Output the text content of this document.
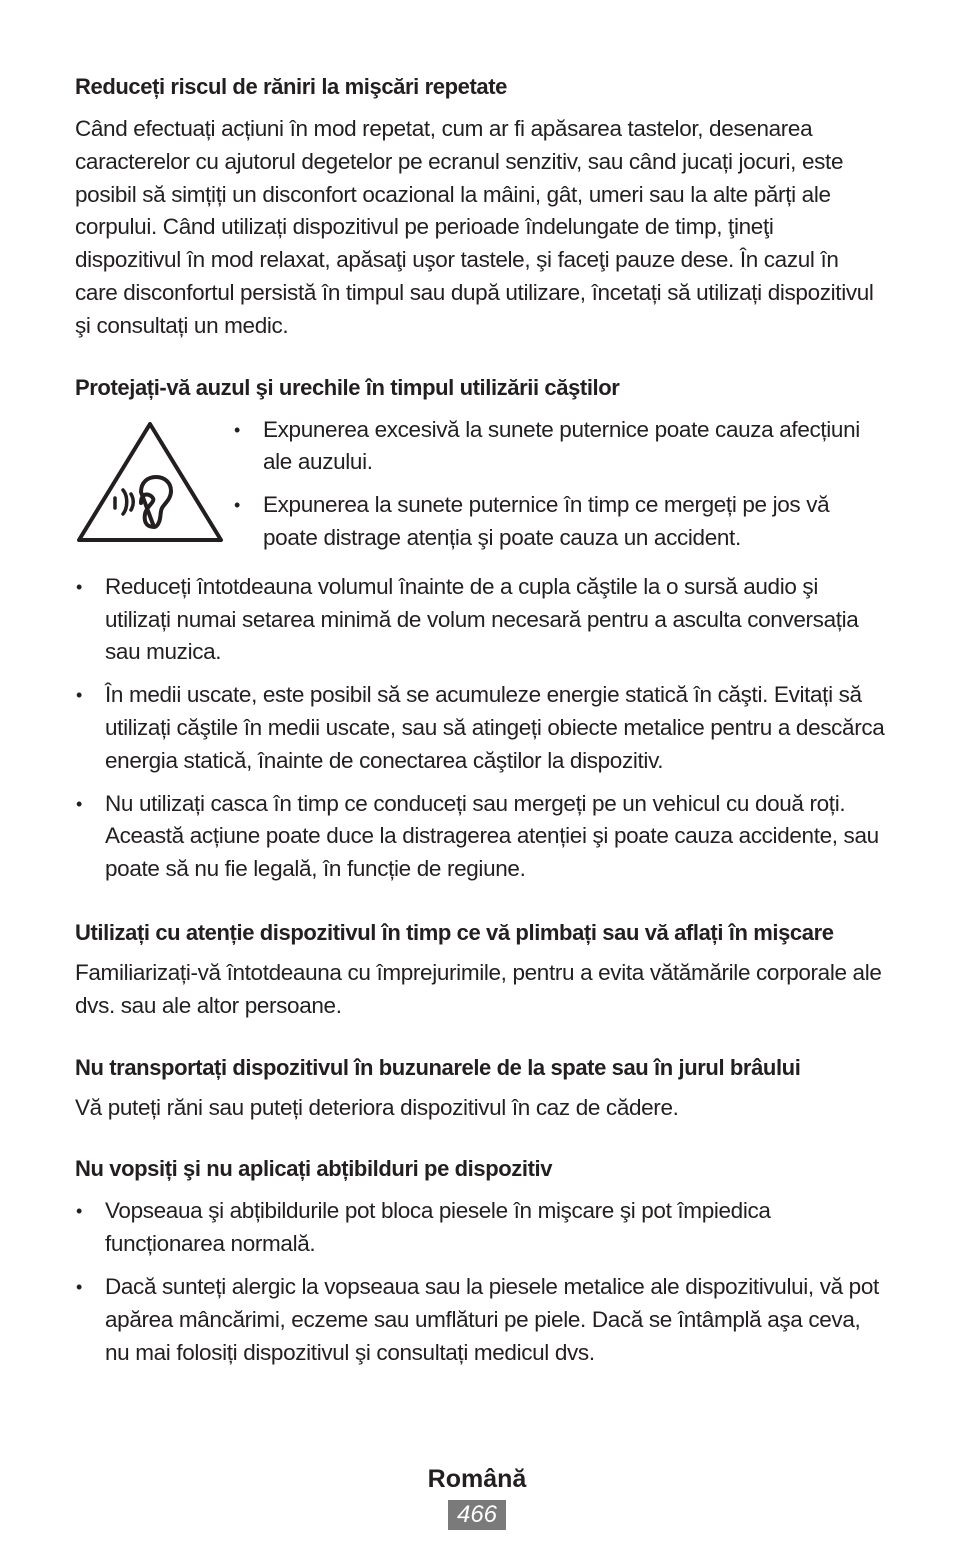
Reduceți riscul de răniri la mişcări repetate

Când efectuați acțiuni în mod repetat, cum ar fi apăsarea tastelor, desenarea caracterelor cu ajutorul degetelor pe ecranul senzitiv, sau când jucați jocuri, este posibil să simțiți un disconfort ocazional la mâini, gât, umeri sau la alte părți ale corpului. Când utilizați dispozitivul pe perioade îndelungate de timp, ţineţi dispozitivul în mod relaxat, apăsaţi uşor tastele, şi faceţi pauze dese. În cazul în care disconfortul persistă în timpul sau după utilizare, încetați să utilizați dispozitivul şi consultați un medic.

Protejați-vă auzul şi urechile în timpul utilizării căştilor
• Expunerea excesivă la sunete puternice poate cauza afecțiuni ale auzului.
• Expunerea la sunete puternice în timp ce mergeți pe jos vă poate distrage atenția şi poate cauza un accident.
• Reduceți întotdeauna volumul înainte de a cupla căştile la o sursă audio şi utilizați numai setarea minimă de volum necesară pentru a asculta conversația sau muzica.
• În medii uscate, este posibil să se acumuleze energie statică în căşti. Evitați să utilizați căştile în medii uscate, sau să atingeți obiecte metalice pentru a descărca energia statică, înainte de conectarea căştilor la dispozitiv.
• Nu utilizați casca în timp ce conduceți sau mergeți pe un vehicul cu două roți. Această acțiune poate duce la distragerea atenției şi poate cauza accidente, sau poate să nu fie legală, în funcție de regiune.
Utilizați cu atenție dispozitivul în timp ce vă plimbați sau vă aflați în mişcare

Familiarizați-vă întotdeauna cu împrejurimile, pentru a evita vătămările corporale ale dvs. sau ale altor persoane.

Nu transportați dispozitivul în buzunarele de la spate sau în jurul brâului

Vă puteți răni sau puteți deteriora dispozitivul în caz de cădere.

Nu vopsiți şi nu aplicați abțibilduri pe dispozitiv
• Vopseaua şi abțibildurile pot bloca piesele în mişcare şi pot împiedica funcționarea normală.
• Dacă sunteți alergic la vopseaua sau la piesele metalice ale dispozitivului, vă pot apărea mâncărimi, eczeme sau umflături pe piele. Dacă se întâmplă aşa ceva, nu mai folosiți dispozitivul şi consultați medicul dvs.
Română
466
